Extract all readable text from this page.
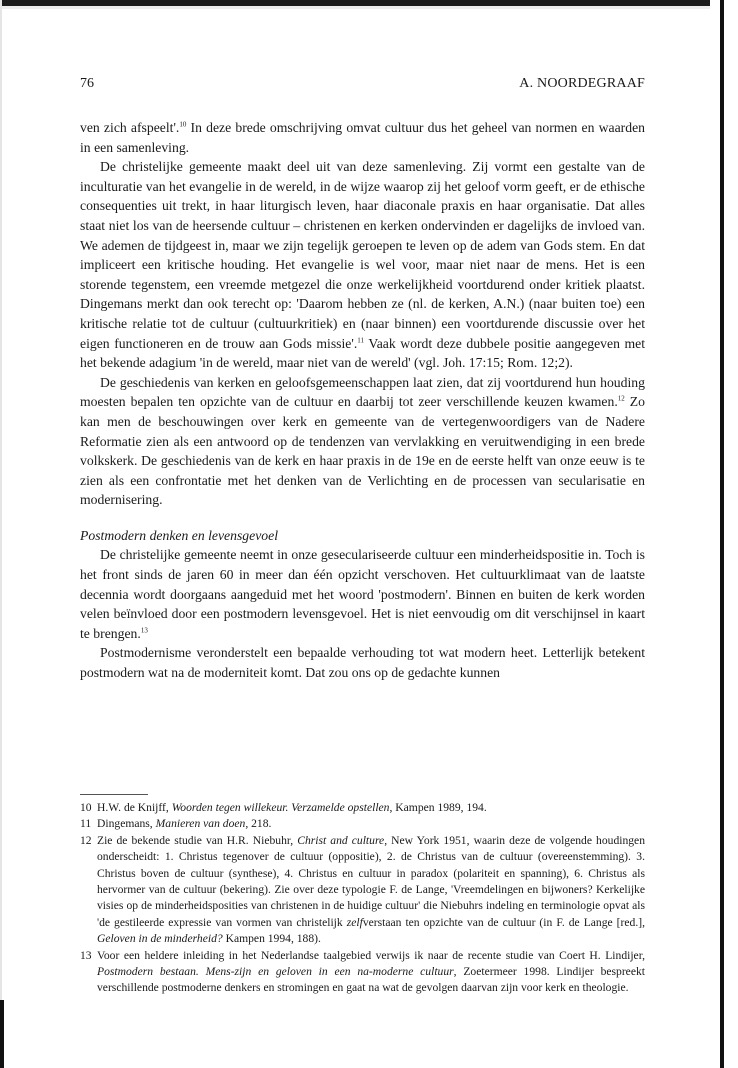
76	A. NOORDEGRAAF

ven zich afspeelt'.$^{10}$ In deze brede omschrijving omvat cultuur dus het geheel van normen en waarden in een samenleving.

De christelijke gemeente maakt deel uit van deze samenleving. Zij vormt een gestalte van de inculturatie van het evangelie in de wereld, in de wijze waarop zij het geloof vorm geeft, er de ethische consequenties uit trekt, in haar liturgisch leven, haar diaconale praxis en haar organisatie. Dat alles staat niet los van de heersende cultuur – christenen en kerken ondervinden er dagelijks de invloed van. We ademen de tijdgeest in, maar we zijn tegelijk geroepen te leven op de adem van Gods stem. En dat impliceert een kritische houding. Het evangelie is wel voor, maar niet naar de mens. Het is een storende tegenstem, een vreemde metgezel die onze werkelijkheid voortdurend onder kritiek plaatst. Dingemans merkt dan ook terecht op: 'Daarom hebben ze (nl. de kerken, A.N.) (naar buiten toe) een kritische relatie tot de cultuur (cultuurkritiek) en (naar binnen) een voortdurende discussie over het eigen functioneren en de trouw aan Gods missie'.$^{11}$ Vaak wordt deze dubbele positie aangegeven met het bekende adagium 'in de wereld, maar niet van de wereld' (vgl. Joh. 17:15; Rom. 12;2).

De geschiedenis van kerken en geloofsgemeenschappen laat zien, dat zij voortdurend hun houding moesten bepalen ten opzichte van de cultuur en daarbij tot zeer verschillende keuzen kwamen.$^{12}$ Zo kan men de beschouwingen over kerk en gemeente van de vertegenwoordigers van de Nadere Reformatie zien als een antwoord op de tendenzen van vervlakking en veruitwendiging in een brede volkskerk. De geschiedenis van de kerk en haar praxis in de 19e en de eerste helft van onze eeuw is te zien als een confrontatie met het denken van de Verlichting en de processen van secularisatie en modernisering.

Postmodern denken en levensgevoel

De christelijke gemeente neemt in onze geseculariseerde cultuur een minderheidspositie in. Toch is het front sinds de jaren 60 in meer dan één opzicht verschoven. Het cultuurklimaat van de laatste decennia wordt doorgaans aangeduid met het woord 'postmodern'. Binnen en buiten de kerk worden velen beïnvloed door een postmodern levensgevoel. Het is niet eenvoudig om dit verschijnsel in kaart te brengen.$^{13}$

Postmodernisme veronderstelt een bepaalde verhouding tot wat modern heet. Letterlijk betekent postmodern wat na de moderniteit komt. Dat zou ons op de gedachte kunnen

10 H.W. de Knijff, Woorden tegen willekeur. Verzamelde opstellen, Kampen 1989, 194.
11 Dingemans, Manieren van doen, 218.
12 Zie de bekende studie van H.R. Niebuhr, Christ and culture, New York 1951, waarin deze de volgende houdingen onderscheidt: 1. Christus tegenover de cultuur (oppositie), 2. de Christus van de cultuur (overeenstemming). 3. Christus boven de cultuur (synthese), 4. Christus en cultuur in paradox (polariteit en spanning), 6. Christus als hervormer van de cultuur (bekering). Zie over deze typologie F. de Lange, 'Vreemdelingen en bijwoners? Kerkelijke visies op de minderheidsposities van christenen in de huidige cultuur' die Niebuhrs indeling en terminologie opvat als 'de gestileerde expressie van vormen van christelijk zelfverstaan ten opzichte van de cultuur (in F. de Lange [red.], Geloven in de minderheid? Kampen 1994, 188).
13 Voor een heldere inleiding in het Nederlandse taalgebied verwijs ik naar de recente studie van Coert H. Lindijer, Postmodern bestaan. Mens-zijn en geloven in een na-moderne cultuur, Zoetermeer 1998. Lindijer bespreekt verschillende postmoderne denkers en stromingen en gaat na wat de gevolgen daarvan zijn voor kerk en theologie.
